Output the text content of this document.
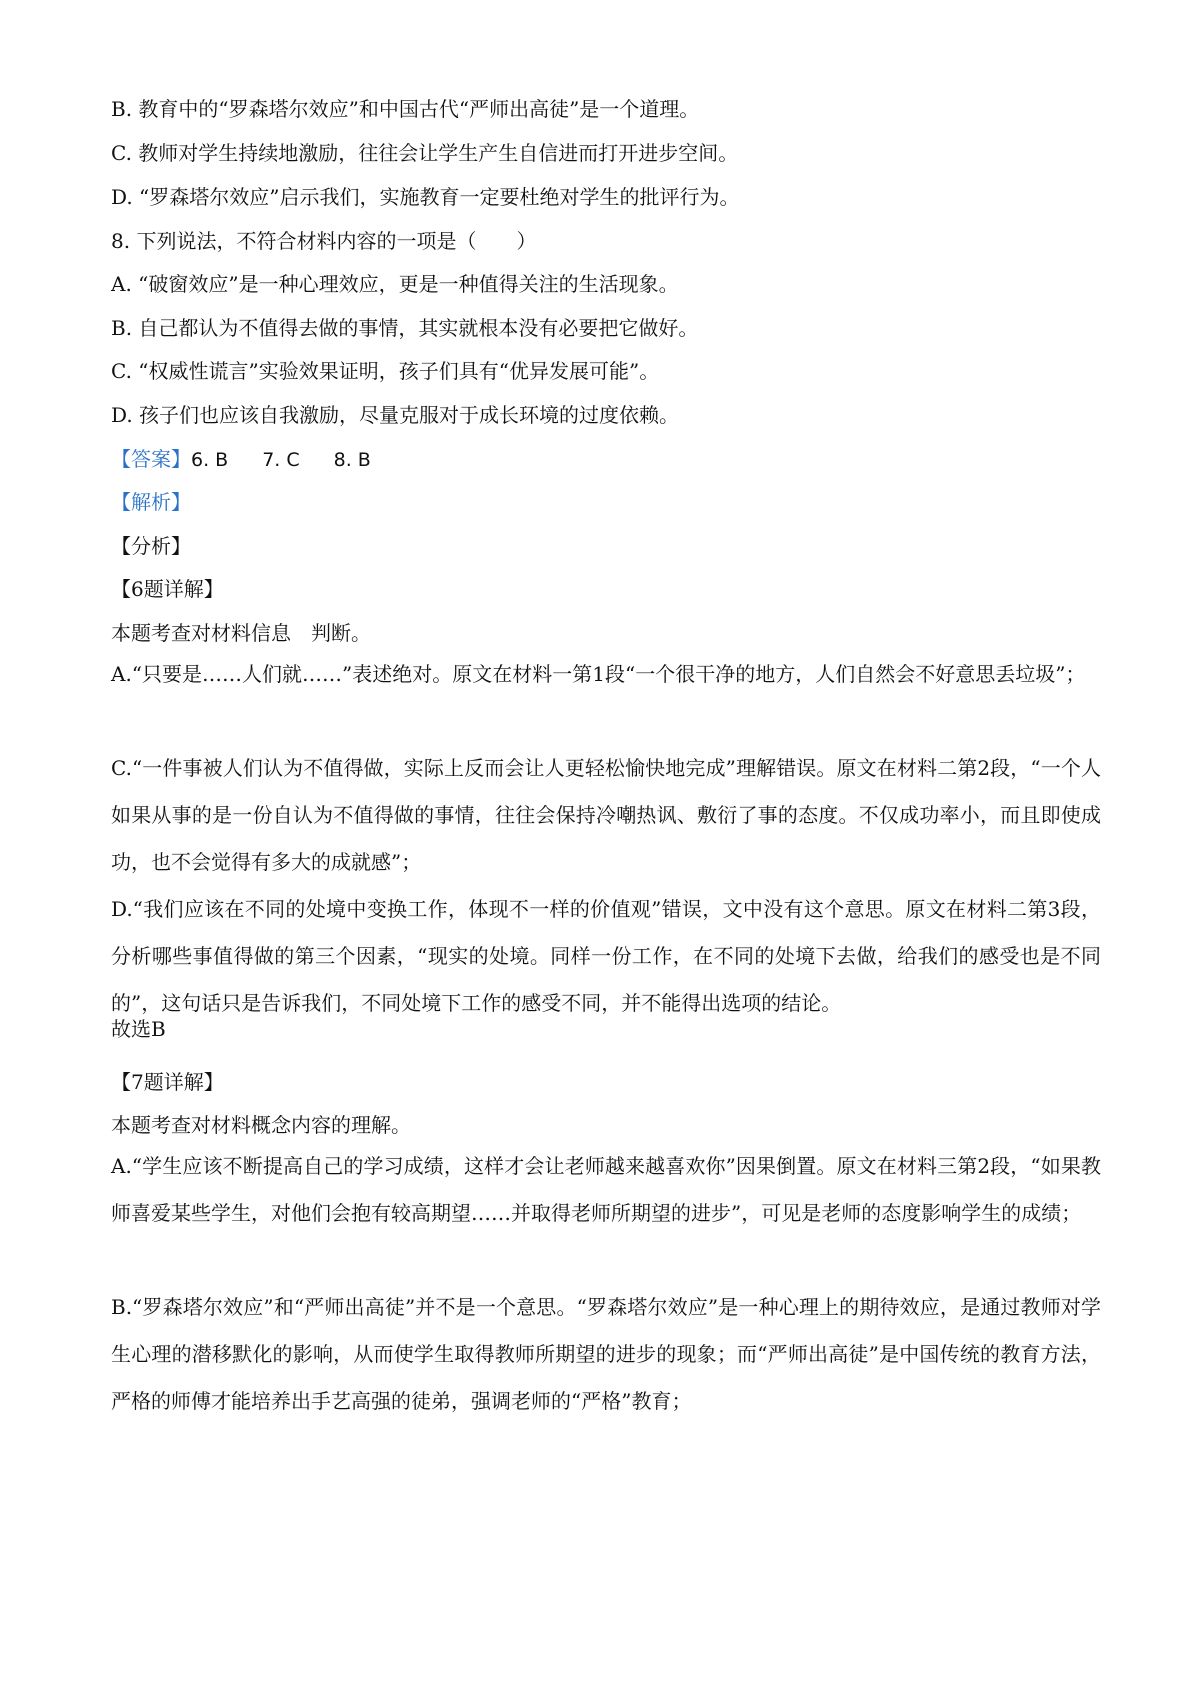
B. 教育中的“罗森塔尔效应”和中国古代“严师出高徒”是一个道理。
C. 教师对学生持续地激励，往往会让学生产生自信进而打开进步空间。
D. “罗森塔尔效应”启示我们，实施教育一定要杜绝对学生的批评行为。
8. 下列说法，不符合材料内容的一项是（　　）
A. “破窗效应”是一种心理效应，更是一种值得关注的生活现象。
B. 自己都认为不值得去做的事情，其实就根本没有必要把它做好。
C. “权威性谎言”实验效果证明，孩子们具有“优异发展可能”。
D. 孩子们也应该自我激励，尽量克服对于成长环境的过度依赖。
【答案】6. B 7. C 8. B
【解析】
【分析】
【6题详解】
本题考查对材料信息　判断。
A.“只要是……人们就……”表述绝对。原文在材料一第1段“一个很干净的地方，人们自然会不好意思丢垃圾”；
C.“一件事被人们认为不值得做，实际上反而会让人更轻松愉快地完成”理解错误。原文在材料二第2段，“一个人如果从事的是一份自认为不值得做的事情，往往会保持冷嘲热讽、敷衍了事的态度。不仅成功率小，而且即使成功，也不会觉得有多大的成就感”；
D.“我们应该在不同的处境中变换工作，体现不一样的价值观”错误，文中没有这个意思。原文在材料二第3段，分析哪些事值得做的第三个因素，“现实的处境。同样一份工作，在不同的处境下去做，给我们的感受也是不同的”，这句话只是告诉我们，不同处境下工作的感受不同，并不能得出选项的结论。
故选B
【7题详解】
本题考查对材料概念内容的理解。
A.“学生应该不断提高自己的学习成绩，这样才会让老师越来越喜欢你”因果倒置。原文在材料三第2段，“如果教师喜爱某些学生，对他们会抱有较高期望……并取得老师所期望的进步”，可见是老师的态度影响学生的成绩；
B.“罗森塔尔效应”和“严师出高徒”并不是一个意思。“罗森塔尔效应”是一种心理上的期待效应，是通过教师对学生心理的潜移默化的影响，从而使学生取得教师所期望的进步的现象；而“严师出高徒”是中国传统的教育方法，严格的师傅才能培养出手艺高强的徒弟，强调老师的“严格”教育；
